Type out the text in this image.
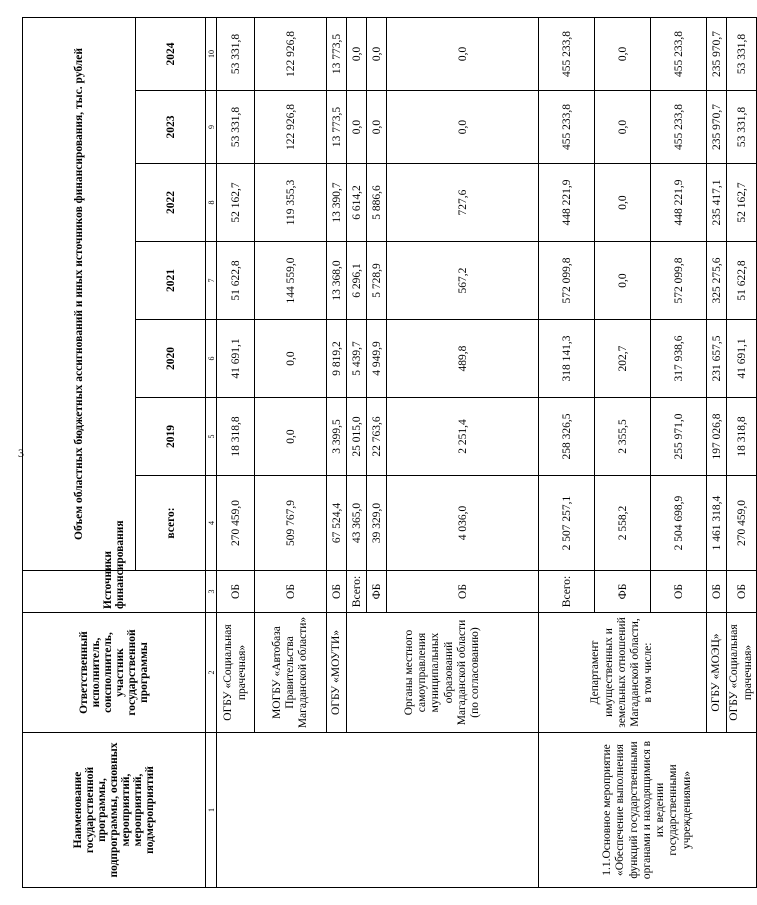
3
Наименование государственной программы, подпрограммы, основных мероприятий, мероприятий, подмероприятий	Ответственный исполнитель, соисполнитель, участник государственной программы	Источники финансирования	Объем областных бюджетных ассигнований и иных источников финансирования, тыс. рублей						
			всего:	2019	2020	2021	2022	2023	2024
1	2	3	4	5	6	7	8	9	10
	ОГБУ «Социальная прачечная»	ОБ	270 459,0	18 318,8	41 691,1	51 622,8	52 162,7	53 331,8	53 331,8
	МОГБУ «Автобаза Правительства Магаданской области»	ОБ	509 767,9	0,0	0,0	144 559,0	119 355,3	122 926,8	122 926,8
	ОГБУ «МОУТИ»	ОБ	67 524,4	3 399,5	9 819,2	13 368,0	13 390,7	13 773,5	13 773,5
	Органы местного самоуправления муниципальных образований Магаданской области (по согласованию)	Всего:	43 365,0	25 015,0	5 439,7	6 296,1	6 614,2	0,0	0,0
		ФБ	39 329,0	22 763,6	4 949,9	5 728,9	5 886,6	0,0	0,0
		ОБ	4 036,0	2 251,4	489,8	567,2	727,6	0,0	0,0
1.1.Основное мероприятие «Обеспечение выполнения функций государственными органами и находящимися в их ведении государственными учреждениями»	Департамент имущественных и земельных отношений Магаданской области, в том числе:	Всего:	2 507 257,1	258 326,5	318 141,3	572 099,8	448 221,9	455 233,8	455 233,8
		ФБ	2 558,2	2 355,5	202,7	0,0	0,0	0,0	0,0
		ОБ	2 504 698,9	255 971,0	317 938,6	572 099,8	448 221,9	455 233,8	455 233,8
	ОГБУ «МОЭЦ»	ОБ	1 461 318,4	197 026,8	231 657,5	325 275,6	235 417,1	235 970,7	235 970,7
	ОГБУ «Социальная прачечная»	ОБ	270 459,0	18 318,8	41 691,1	51 622,8	52 162,7	53 331,8	53 331,8
